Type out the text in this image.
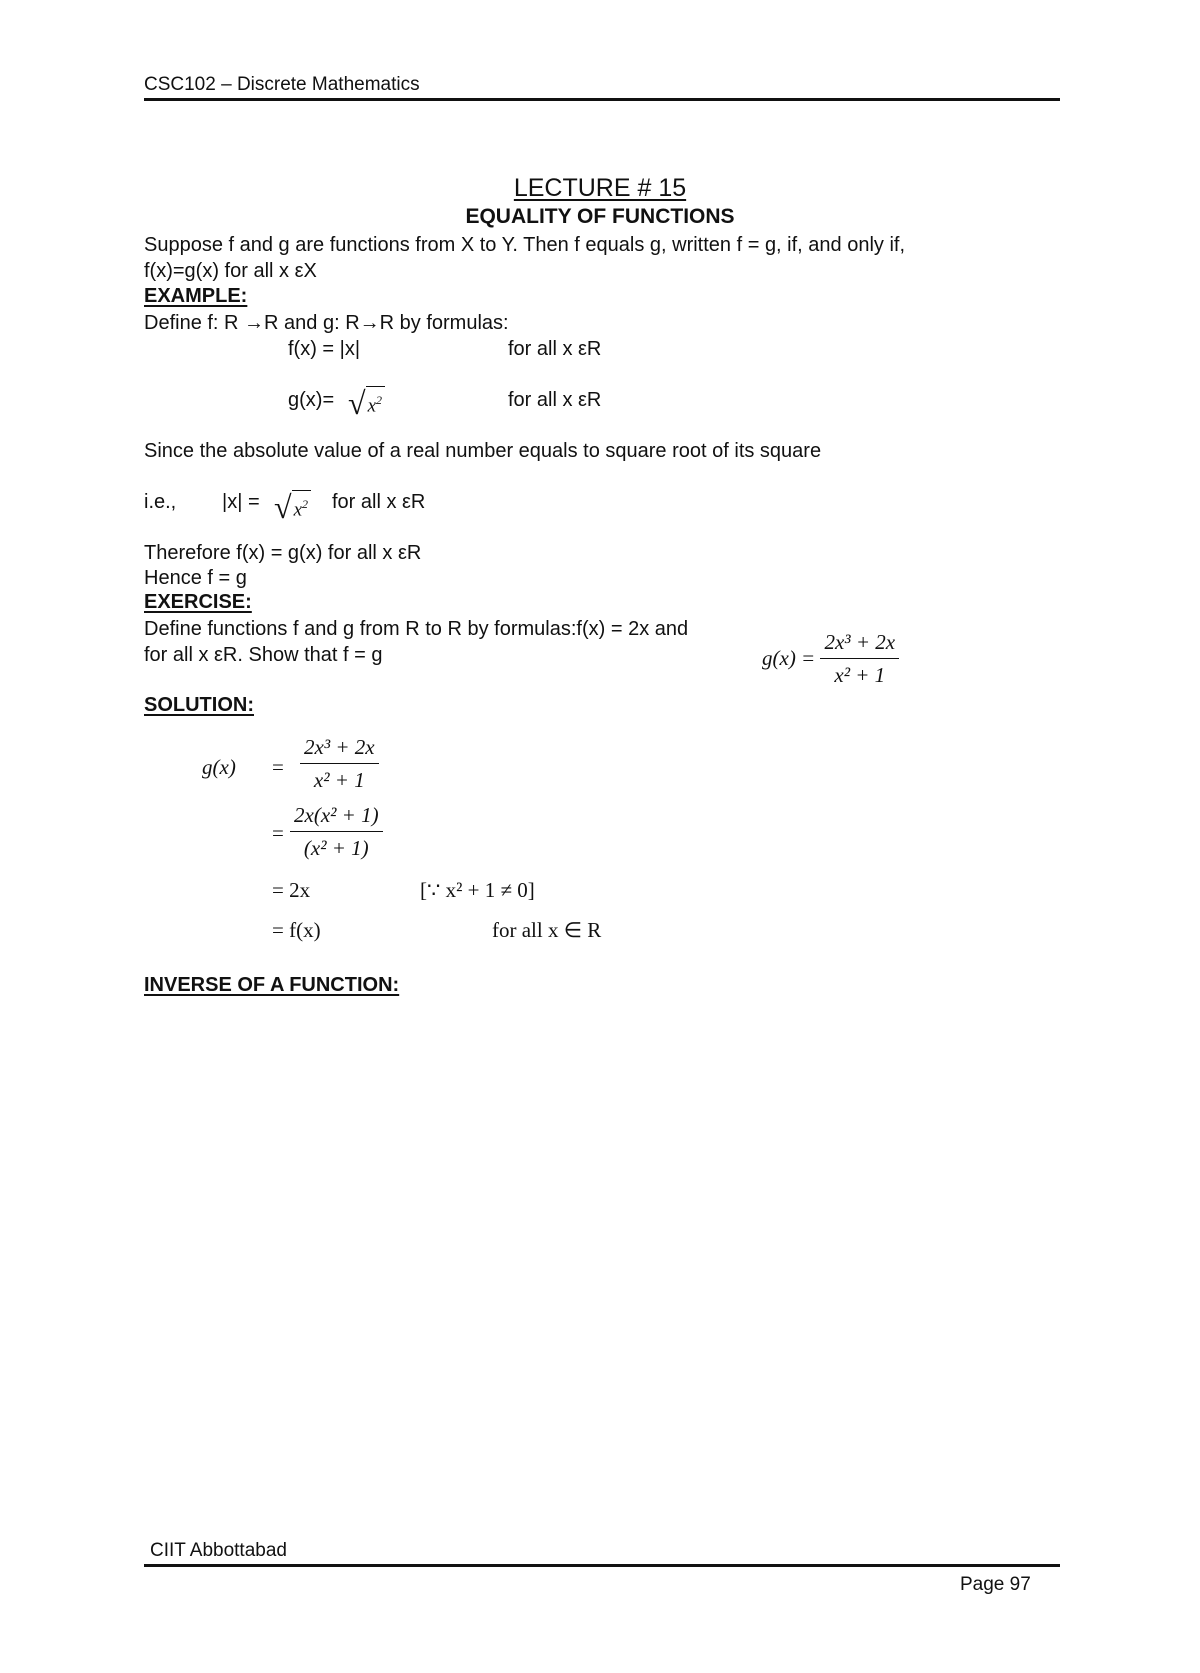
CSC102 – Discrete Mathematics
LECTURE # 15
EQUALITY OF FUNCTIONS
Suppose f and g are functions from X to Y. Then f equals g, written f = g, if, and only if,
f(x)=g(x) for all x εX
EXAMPLE:
Define f: R →R and g: R→R by formulas:
f(x) = |x|	for all x εR
g(x)= √ $x^2$	for all x εR
Since the absolute value of a real number equals to square root of its square
i.e., |x| = √ $x^2$ for all x εR
Therefore f(x) = g(x) for all x εR
Hence f = g
EXERCISE:
Define functions f and g from R to R by formulas:f(x) = 2x and
for all x εR. Show that f = g	$g(x) = \frac{\text{2x³ + 2x}}{\text{x² + 1}}$
SOLUTION:
$g(x) = \frac{\text{2x³ + 2x}}{\text{x² + 1}}$
= $\frac{\text{2x(x² + 1)}}{\text{(x² + 1)}}$
= 2x	[∵ x² + 1 ≠ 0]
= f(x)	for all x ∈ R
INVERSE OF A FUNCTION:
CIIT Abbottabad
Page 97
